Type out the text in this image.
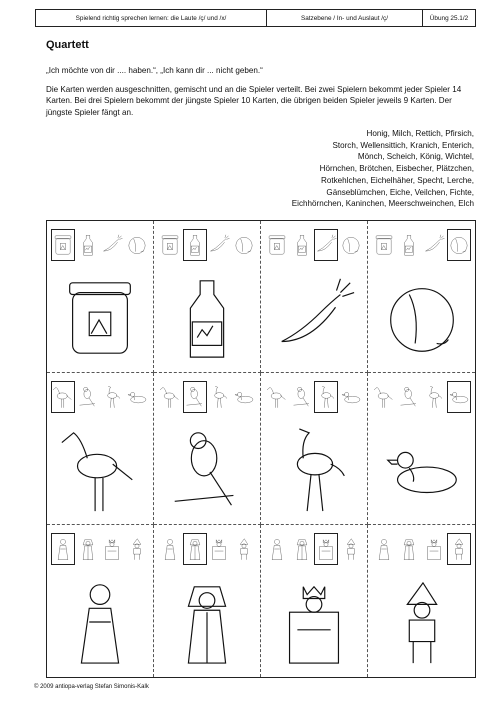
Spielend richtig sprechen lernen: die Laute /ç/ und /x/	Satzebene / In- und Auslaut /ç/	Übung 25.1/2
Quartett
„Ich möchte von dir .... haben.“, „Ich kann dir ... nicht geben.“
Die Karten werden ausgeschnitten, gemischt und an die Spieler verteilt. Bei zwei Spielern bekommt jeder Spieler 14 Karten. Bei drei Spielern bekommt der jüngste Spieler 10 Karten, die übrigen beiden Spieler jeweils 9 Karten. Der jüngste Spieler fängt an.
Honig, Milch, Rettich, Pfirsich,
Storch, Wellensittich, Kranich, Enterich,
Mönch, Scheich, König, Wichtel,
Hörnchen, Brötchen, Eisbecher, Plätzchen,
Rotkehlchen, Eichelhäher, Specht, Lerche,
Gänseblümchen, Eiche, Veilchen, Fichte,
Eichhörnchen, Kaninchen, Meerschweinchen, Elch
© 2009 antiopa-verlag Stefan Simonis-Kalk
